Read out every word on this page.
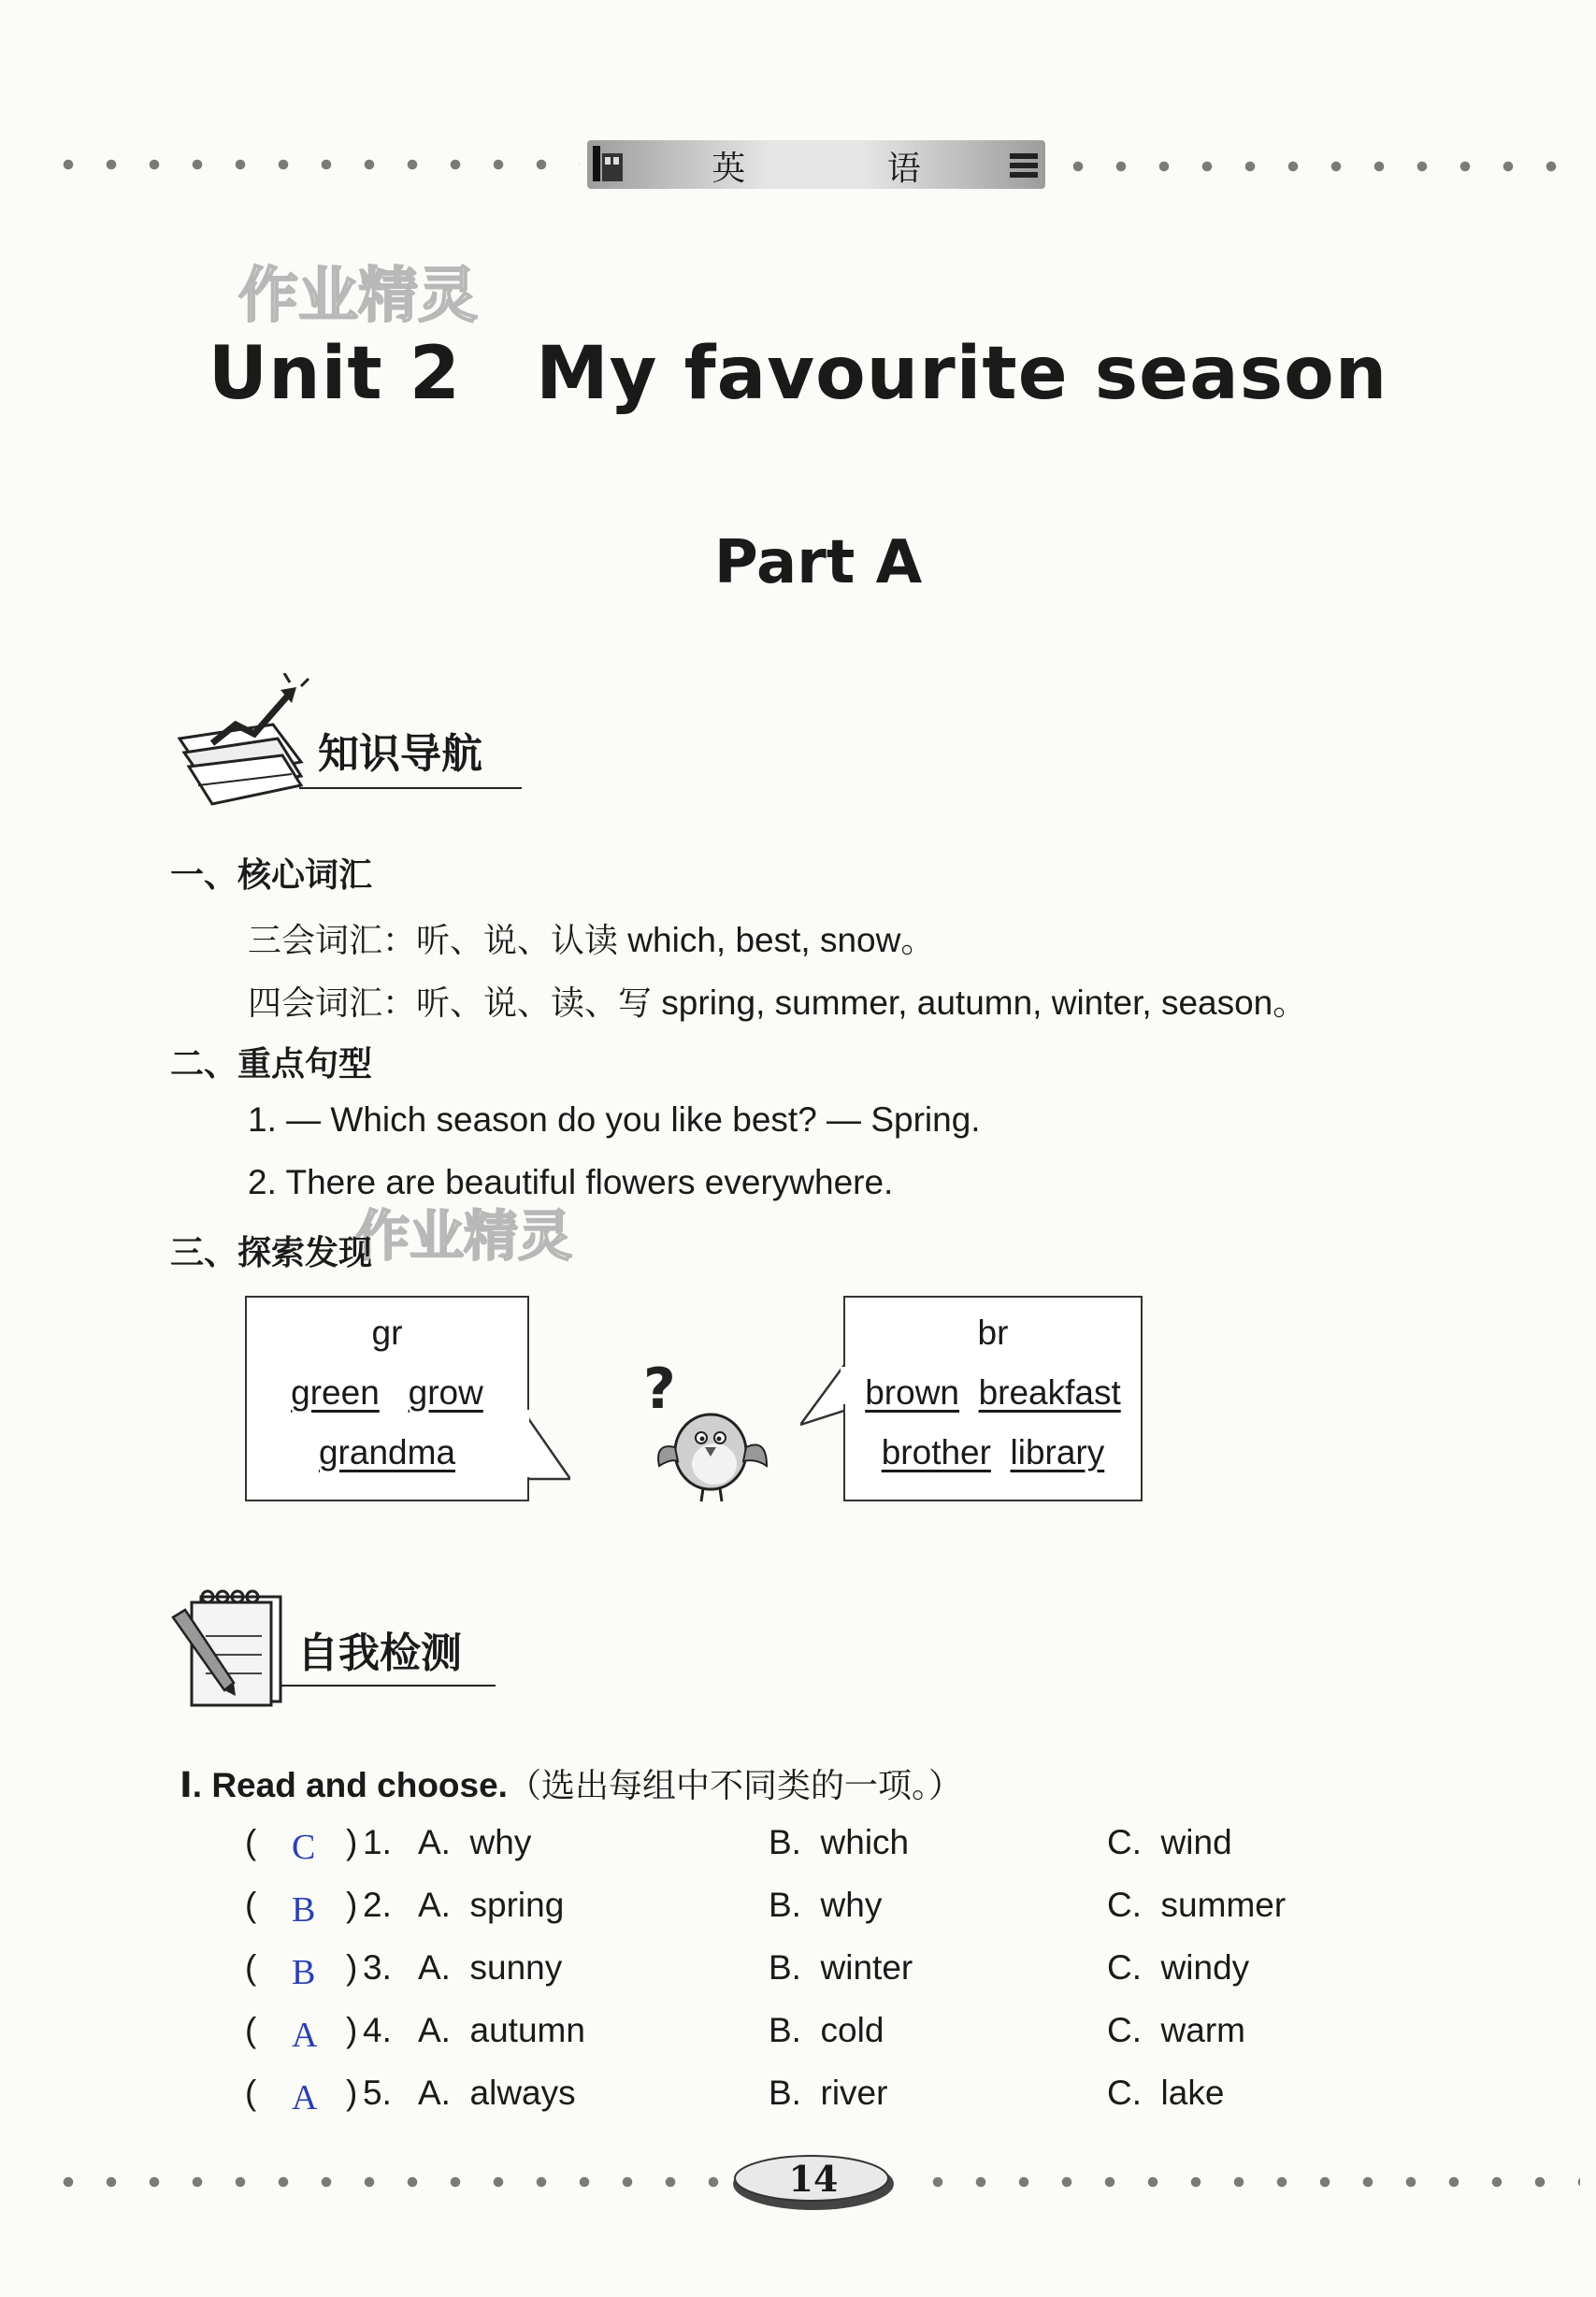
英 语
作业精灵
Unit 2 My favourite season
Part A
知识导航
一、核心词汇
三会词汇：听、说、认读 which, best, snow。
四会词汇：听、说、读、写 spring, summer, autumn, winter, season。
二、重点句型
1. — Which season do you like best? — Spring.
2. There are beautiful flowers everywhere.
作业精灵
三、探索发现
gr
green grow
grandma
?
br
brown breakfast
brother library
自我检测
Ⅰ. Read and choose.（选出每组中不同类的一项。）
( C ) 1. A.  why	B.  which	C.  wind
( B ) 2. A.  spring	B.  why	C.  summer
( B ) 3. A.  sunny	B.  winter	C.  windy
( A ) 4. A.  autumn	B.  cold	C.  warm
( A ) 5. A.  always	B.  river	C.  lake
14
